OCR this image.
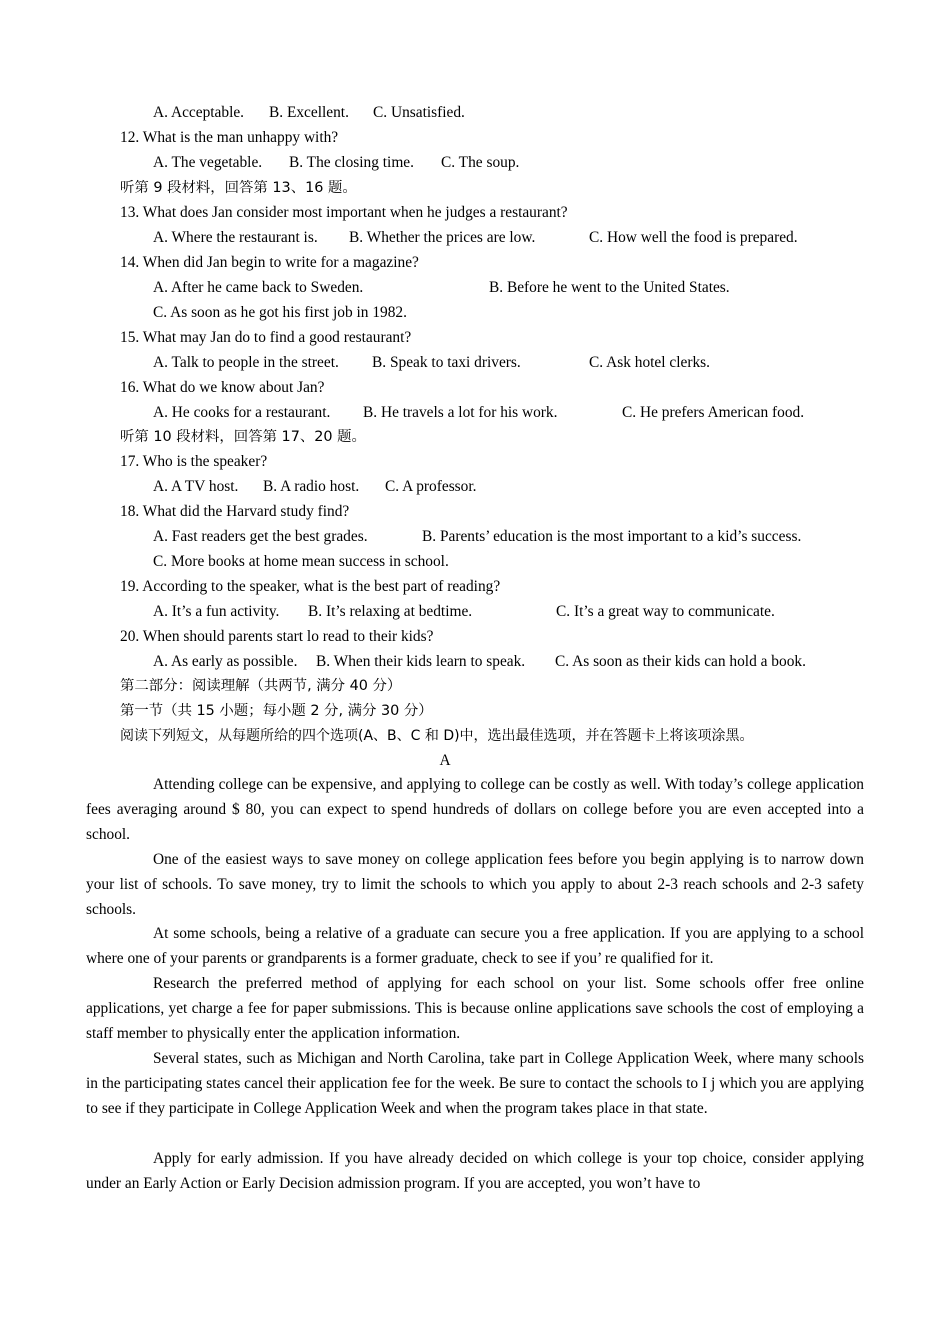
A. Acceptable. B. Excellent. C. Unsatisfied.
12. What is the man unhappy with?
A. The vegetable. B. The closing time. C. The soup.
听第 9 段材料，回答第 13、16 题。
13. What does Jan consider most important when he judges a restaurant?
A. Where the restaurant is. B. Whether the prices are low.	C. How well the food is prepared.
14. When did Jan begin to write for a magazine?
A. After he came back to Sweden.	B. Before he went to the United States.
C. As soon as he got his first job in 1982.
15. What may Jan do to find a good restaurant?
A. Talk to people in the street. B. Speak to taxi drivers.	C. Ask hotel clerks.
16. What do we know about Jan?
A. He cooks for a restaurant. B. He travels a lot for his work.	C. He prefers American food.
听第 10 段材料，回答第 17、20 题。
17. Who is the speaker?
A. A TV host. B. A radio host. C. A professor.
18. What did the Harvard study find?
A. Fast readers get the best grades.	B. Parents’ education is the most important to a kid’s success.
C. More books at home mean success in school.
19. According to the speaker, what is the best part of reading?
A. It’s a fun activity. B. It’s relaxing at bedtime.	C. It’s a great way to communicate.
20. When should parents start lo read to their kids?
A. As early as possible. B. When their kids learn to speak. C. As soon as their kids can hold a book.
第二部分：阅读理解（共两节, 满分 40 分）
第一节（共 15 小题；每小题 2 分, 满分 30 分）
阅读下列短文，从每题所给的四个选项(A、B、C 和 D)中，选出最佳选项，并在答题卡上将该项涂黑。
A
Attending college can be expensive, and applying to college can be costly as well. With today’s college application fees averaging around $ 80, you can expect to spend hundreds of dollars on college before you are even accepted into a school.
One of the easiest ways to save money on college application fees before you begin applying is to narrow down your list of schools. To save money, try to limit the schools to which you apply to about 2-3 reach schools and 2-3 safety schools.
At some schools, being a relative of a graduate can secure you a free application. If you are applying to a school where one of your parents or grandparents is a former graduate, check to see if you’ re qualified for it.
Research the preferred method of applying for each school on your list. Some schools offer free online applications, yet charge a fee for paper submissions. This is because online applications save schools the cost of employing a staff member to physically enter the application information.
Several states, such as Michigan and North Carolina, take part in College Application Week, where many schools in the participating states cancel their application fee for the week. Be sure to contact the schools to I j which you are applying to see if they participate in College Application Week and when the program takes place in that state.
Apply for early admission. If you have already decided on which college is your top choice, consider applying under an Early Action or Early Decision admission program. If you are accepted, you won’t have to
